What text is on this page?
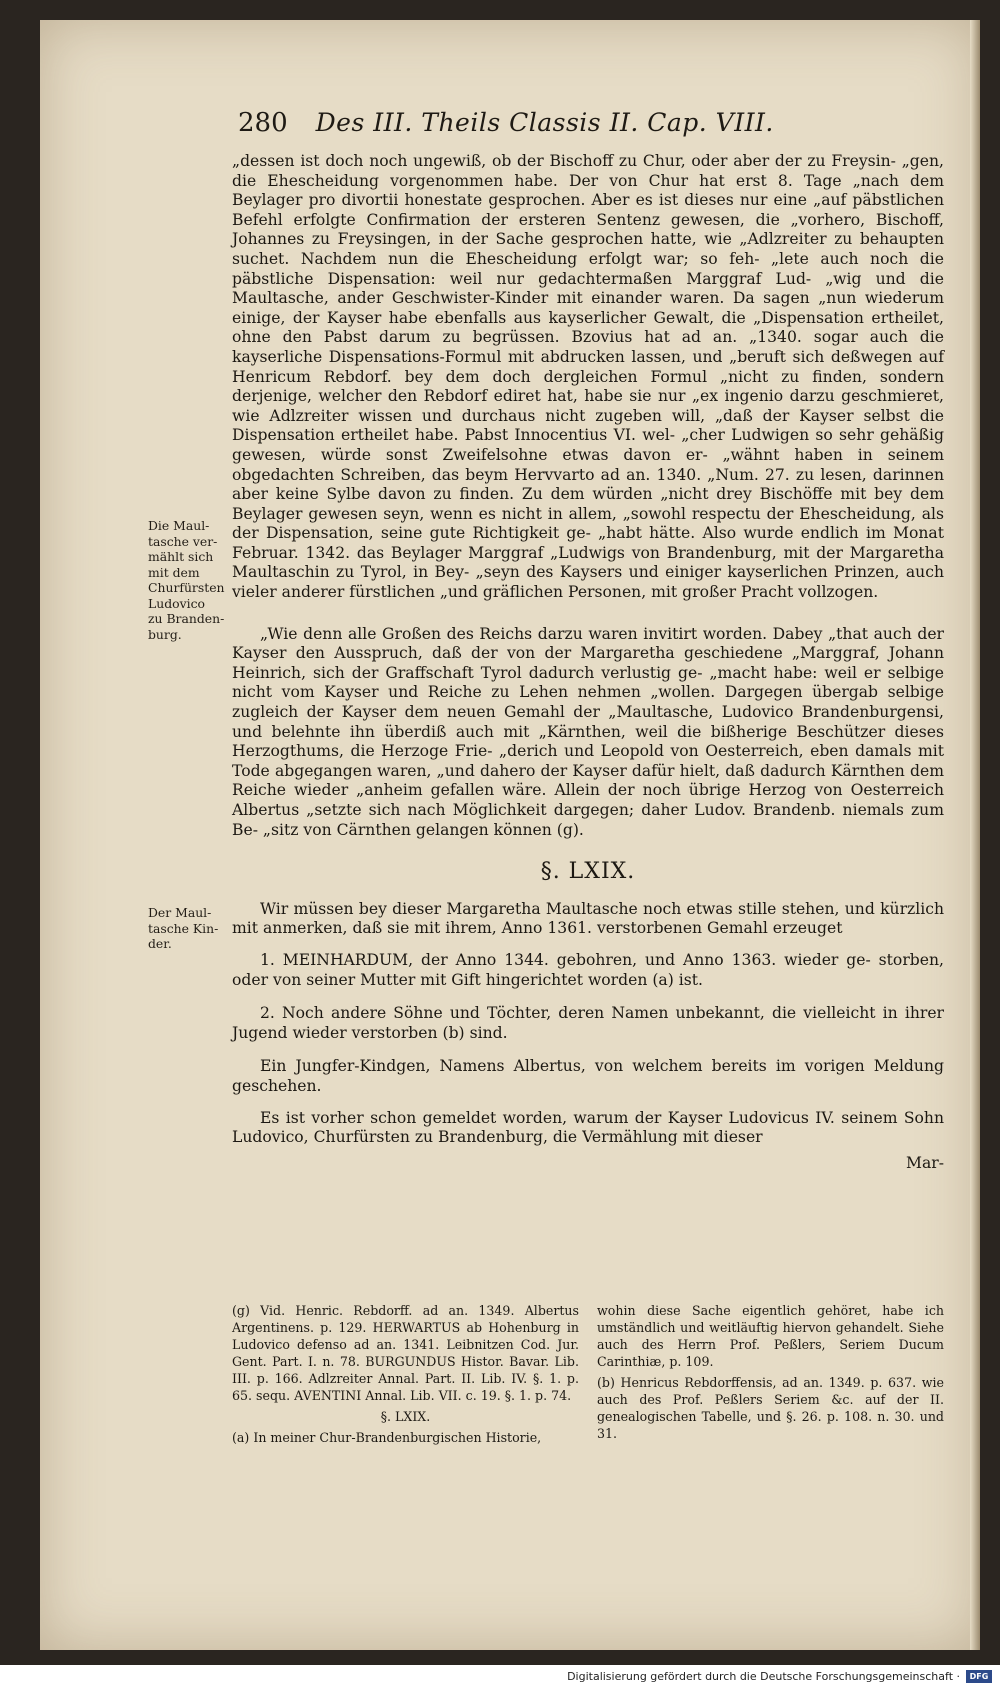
280 Des III. Theils Classis II. Cap. VIII.
Die Maul-
tasche ver-
mählt sich
mit dem
Churfürsten
Ludovico
zu Branden-
burg.
Der Maul-
tasche Kin-
der.

„dessen ist doch noch ungewiß, ob der Bischoff zu Chur, oder aber der zu Freysin- „gen, die Ehescheidung vorgenommen habe. Der von Chur hat erst 8. Tage „nach dem Beylager pro divortii honestate gesprochen. Aber es ist dieses nur eine „auf päbstlichen Befehl erfolgte Confirmation der ersteren Sentenz gewesen, die „vorhero, Bischoff, Johannes zu Freysingen, in der Sache gesprochen hatte, wie „Adlzreiter zu behaupten suchet. Nachdem nun die Ehescheidung erfolgt war; so feh- „lete auch noch die päbstliche Dispensation: weil nur gedachtermaßen Marggraf Lud- „wig und die Maultasche, ander Geschwister-Kinder mit einander waren. Da sagen „nun wiederum einige, der Kayser habe ebenfalls aus kayserlicher Gewalt, die „Dispensation ertheilet, ohne den Pabst darum zu begrüssen. Bzovius hat ad an. „1340. sogar auch die kayserliche Dispensations-Formul mit abdrucken lassen, und „beruft sich deßwegen auf Henricum Rebdorf. bey dem doch dergleichen Formul „nicht zu finden, sondern derjenige, welcher den Rebdorf ediret hat, habe sie nur „ex ingenio darzu geschmieret, wie Adlzreiter wissen und durchaus nicht zugeben will, „daß der Kayser selbst die Dispensation ertheilet habe. Pabst Innocentius VI. wel- „cher Ludwigen so sehr gehäßig gewesen, würde sonst Zweifelsohne etwas davon er- „wähnt haben in seinem obgedachten Schreiben, das beym Hervvarto ad an. 1340. „Num. 27. zu lesen, darinnen aber keine Sylbe davon zu finden. Zu dem würden „nicht drey Bischöffe mit bey dem Beylager gewesen seyn, wenn es nicht in allem, „sowohl respectu der Ehescheidung, als der Dispensation, seine gute Richtigkeit ge- „habt hätte. Also wurde endlich im Monat Februar. 1342. das Beylager Marggraf „Ludwigs von Brandenburg, mit der Margaretha Maultaschin zu Tyrol, in Bey- „seyn des Kaysers und einiger kayserlichen Prinzen, auch vieler anderer fürstlichen „und gräflichen Personen, mit großer Pracht vollzogen.

„Wie denn alle Großen des Reichs darzu waren invitirt worden. Dabey „that auch der Kayser den Ausspruch, daß der von der Margaretha geschiedene „Marggraf, Johann Heinrich, sich der Graffschaft Tyrol dadurch verlustig ge- „macht habe: weil er selbige nicht vom Kayser und Reiche zu Lehen nehmen „wollen. Dargegen übergab selbige zugleich der Kayser dem neuen Gemahl der „Maultasche, Ludovico Brandenburgensi, und belehnte ihn überdiß auch mit „Kärnthen, weil die bißherige Beschützer dieses Herzogthums, die Herzoge Frie- „derich und Leopold von Oesterreich, eben damals mit Tode abgegangen waren, „und dahero der Kayser dafür hielt, daß dadurch Kärnthen dem Reiche wieder „anheim gefallen wäre. Allein der noch übrige Herzog von Oesterreich Albertus „setzte sich nach Möglichkeit dargegen; daher Ludov. Brandenb. niemals zum Be- „sitz von Cärnthen gelangen können (g).

§. LXIX.

Wir müssen bey dieser Margaretha Maultasche noch etwas stille stehen, und kürzlich mit anmerken, daß sie mit ihrem, Anno 1361. verstorbenen Gemahl erzeuget

1. MEINHARDUM, der Anno 1344. gebohren, und Anno 1363. wieder ge- storben, oder von seiner Mutter mit Gift hingerichtet worden (a) ist.

2. Noch andere Söhne und Töchter, deren Namen unbekannt, die vielleicht in ihrer Jugend wieder verstorben (b) sind.

Ein Jungfer-Kindgen, Namens Albertus, von welchem bereits im vorigen Meldung geschehen.

Es ist vorher schon gemeldet worden, warum der Kayser Ludovicus IV. seinem Sohn Ludovico, Churfürsten zu Brandenburg, die Vermählung mit dieser

Mar-

(g) Vid. Henric. Rebdorff. ad an. 1349. Albertus Argentinens. p. 129. HERWARTUS ab Hohenburg in Ludovico defenso ad an. 1341. Leibnitzen Cod. Jur. Gent. Part. I. n. 78. BURGUNDUS Histor. Bavar. Lib. III. p. 166. Adlzreiter Annal. Part. II. Lib. IV. §. 1. p. 65. sequ. AVENTINI Annal. Lib. VII. c. 19. §. 1. p. 74.

§. LXIX.

(a) In meiner Chur-Brandenburgischen Historie,

wohin diese Sache eigentlich gehöret, habe ich umständlich und weitläuftig hiervon gehandelt. Siehe auch des Herrn Prof. Peßlers, Seriem Ducum Carinthiæ, p. 109.

(b) Henricus Rebdorffensis, ad an. 1349. p. 637. wie auch des Prof. Peßlers Seriem &c. auf der II. genealogischen Tabelle, und §. 26. p. 108. n. 30. und 31.

Digitalisierung gefördert durch die Deutsche Forschungsgemeinschaft ·	DFG
